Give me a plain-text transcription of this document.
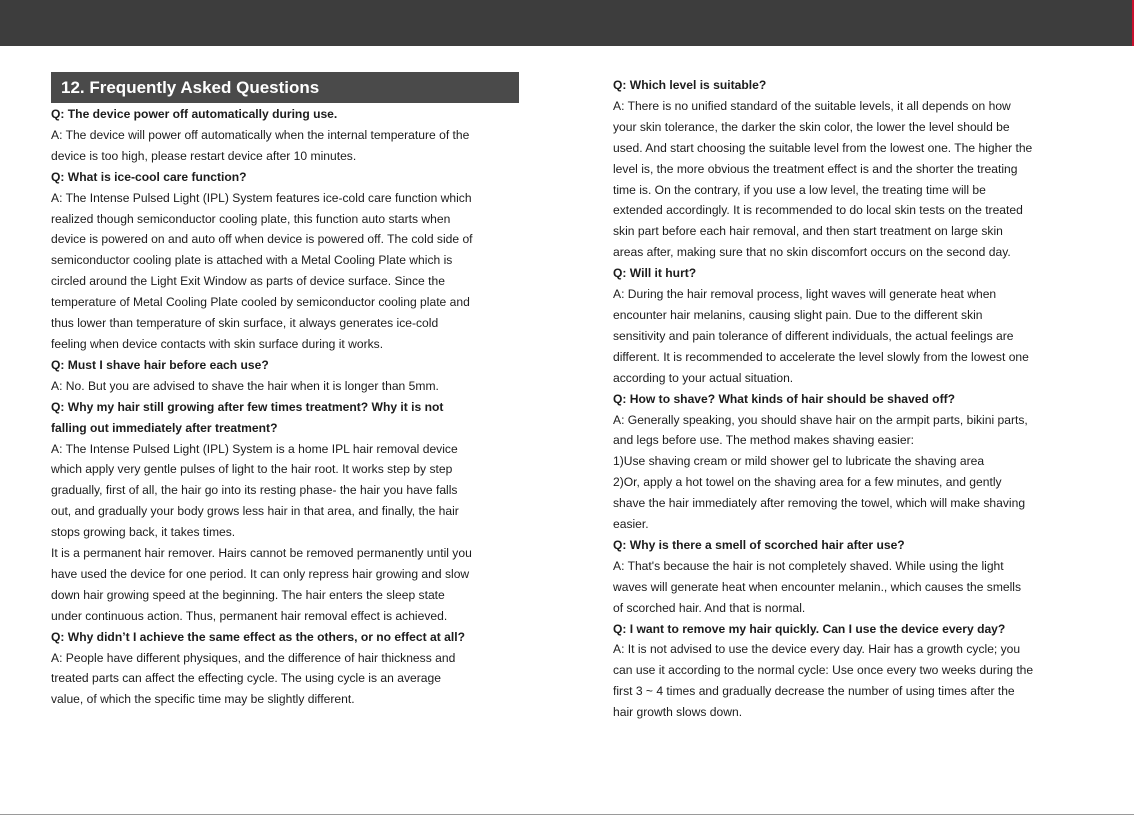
12. Frequently Asked Questions

Q: The device power off automatically during use.

A: The device will power off automatically when the internal temperature of the

device is too high, please restart device after 10 minutes.

Q: What is ice-cool care function?

A: The Intense Pulsed Light (IPL) System features ice-cold care function which

realized though semiconductor cooling plate, this function auto starts when

device is powered on and auto off when device is powered off. The cold side of

semiconductor cooling plate is attached with a Metal Cooling Plate which is

circled around the Light Exit Window as parts of device surface. Since the

temperature of Metal Cooling Plate cooled by semiconductor cooling plate and

thus lower than temperature of skin surface, it always generates ice-cold

feeling when device contacts with skin surface during it works.

Q: Must I shave hair before each use?

A: No. But you are advised to shave the hair when it is longer than 5mm.

Q: Why my hair still growing after few times treatment? Why it is not

falling out immediately after treatment?

A: The Intense Pulsed Light (IPL) System is a home IPL hair removal device

which apply very gentle pulses of light to the hair root. It works step by step

gradually, first of all, the hair go into its resting phase- the hair you have falls

out, and gradually your body grows less hair in that area, and finally, the hair

stops growing back, it takes times.

It is a permanent hair remover. Hairs cannot be removed permanently until you

have used the device for one period. It can only repress hair growing and slow

down hair growing speed at the beginning. The hair enters the sleep state

under continuous action. Thus, permanent hair removal effect is achieved.

Q: Why didn’t I achieve the same effect as the others, or no effect at all?

A: People have different physiques, and the difference of hair thickness and

treated parts can affect the effecting cycle. The using cycle is an average

value, of which the specific time may be slightly different.

Q: Which level is suitable?

A: There is no unified standard of the suitable levels, it all depends on how

your skin tolerance, the darker the skin color, the lower the level should be

used. And start choosing the suitable level from the lowest one. The higher the

level is, the more obvious the treatment effect is and the shorter the treating

time is. On the contrary, if you use a low level, the treating time will be

extended accordingly. It is recommended to do local skin tests on the treated

skin part before each hair removal, and then start treatment on large skin

areas after, making sure that no skin discomfort occurs on the second day.

Q: Will it hurt?

A: During the hair removal process, light waves will generate heat when

encounter hair melanins, causing slight pain. Due to the different skin

sensitivity and pain tolerance of different individuals, the actual feelings are

different. It is recommended to accelerate the level slowly from the lowest one

according to your actual situation.

Q: How to shave? What kinds of hair should be shaved off?

A: Generally speaking, you should shave hair on the armpit parts, bikini parts,

and legs before use. The method makes shaving easier:

1)Use shaving cream or mild shower gel to lubricate the shaving area

2)Or, apply a hot towel on the shaving area for a few minutes, and gently

shave the hair immediately after removing the towel, which will make shaving

easier.

Q: Why is there a smell of scorched hair after use?

A: That's because the hair is not completely shaved. While using the light

waves will generate heat when encounter melanin., which causes the smells

of scorched hair. And that is normal.

Q: I want to remove my hair quickly. Can I use the device every day?

A: It is not advised to use the device every day. Hair has a growth cycle; you

can use it according to the normal cycle: Use once every two weeks during the

first 3 ~ 4 times and gradually decrease the number of using times after the

hair growth slows down.
